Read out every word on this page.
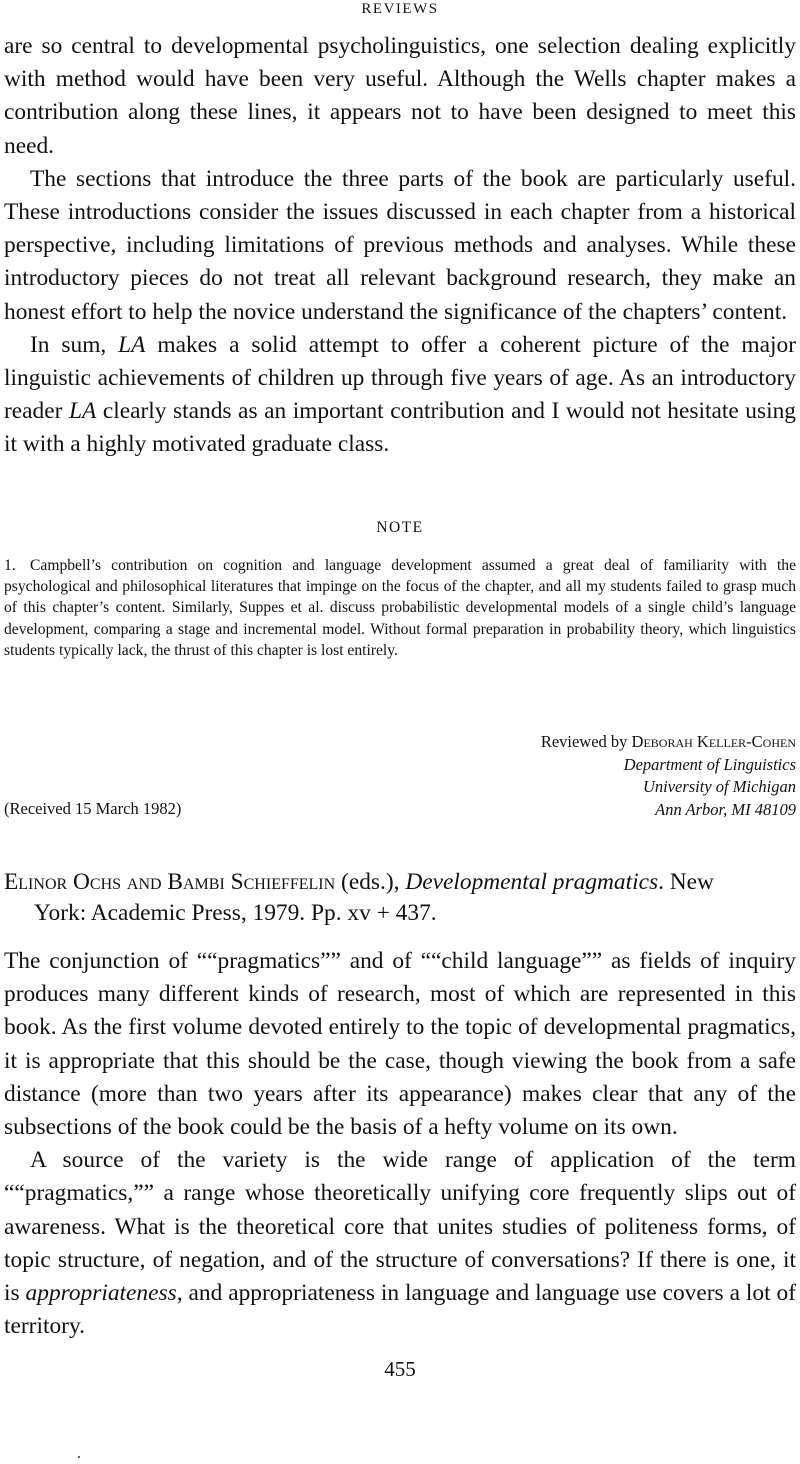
REVIEWS

are so central to developmental psycholinguistics, one selection dealing explicitly with method would have been very useful. Although the Wells chapter makes a contribution along these lines, it appears not to have been designed to meet this need.

The sections that introduce the three parts of the book are particularly useful. These introductions consider the issues discussed in each chapter from a historical perspective, including limitations of previous methods and analyses. While these introductory pieces do not treat all relevant background research, they make an honest effort to help the novice understand the significance of the chapters’ content.

In sum, LA makes a solid attempt to offer a coherent picture of the major linguistic achievements of children up through five years of age. As an introductory reader LA clearly stands as an important contribution and I would not hesitate using it with a highly motivated graduate class.

NOTE

1. Campbell’s contribution on cognition and language development assumed a great deal of familiarity with the psychological and philosophical literatures that impinge on the focus of the chapter, and all my students failed to grasp much of this chapter’s content. Similarly, Suppes et al. discuss probabilistic developmental models of a single child’s language development, comparing a stage and incremental model. Without formal preparation in probability theory, which linguistics students typically lack, the thrust of this chapter is lost entirely.

Reviewed by Deborah Keller-Cohen
Department of Linguistics
University of Michigan
Ann Arbor, MI 48109
(Received 15 March 1982)
Elinor Ochs and Bambi Schieffelin (eds.), Developmental pragmatics. New
York: Academic Press, 1979. Pp. xv + 437.

The conjunction of ““pragmatics”” and of ““child language”” as fields of inquiry produces many different kinds of research, most of which are represented in this book. As the first volume devoted entirely to the topic of developmental pragmatics, it is appropriate that this should be the case, though viewing the book from a safe distance (more than two years after its appearance) makes clear that any of the subsections of the book could be the basis of a hefty volume on its own.

A source of the variety is the wide range of application of the term ““pragmatics,”” a range whose theoretically unifying core frequently slips out of awareness. What is the theoretical core that unites studies of politeness forms, of topic structure, of negation, and of the structure of conversations? If there is one, it is appropriateness, and appropriateness in language and language use covers a lot of territory.

455
